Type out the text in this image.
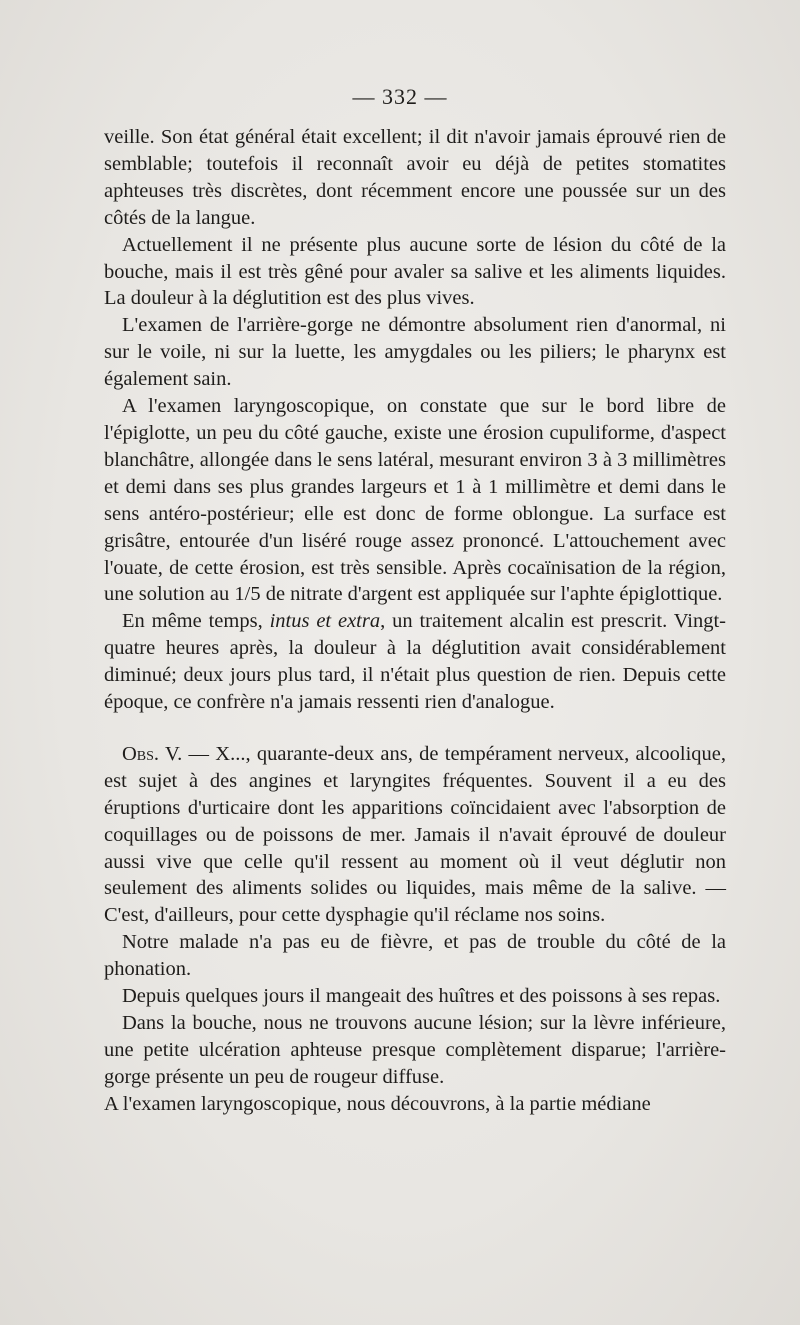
— 332 —

veille. Son état général était excellent; il dit n'avoir jamais éprouvé rien de semblable; toutefois il reconnaît avoir eu déjà de petites stomatites aphteuses très discrètes, dont récemment encore une poussée sur un des côtés de la langue.

Actuellement il ne présente plus aucune sorte de lésion du côté de la bouche, mais il est très gêné pour avaler sa salive et les aliments liquides. La douleur à la déglutition est des plus vives.

L'examen de l'arrière-gorge ne démontre absolument rien d'anormal, ni sur le voile, ni sur la luette, les amygdales ou les piliers; le pharynx est également sain.

A l'examen laryngoscopique, on constate que sur le bord libre de l'épiglotte, un peu du côté gauche, existe une érosion cupuliforme, d'aspect blanchâtre, allongée dans le sens latéral, mesurant environ 3 à 3 millimètres et demi dans ses plus grandes largeurs et 1 à 1 millimètre et demi dans le sens antéro-postérieur; elle est donc de forme oblongue. La surface est grisâtre, entourée d'un liséré rouge assez prononcé. L'attouchement avec l'ouate, de cette érosion, est très sensible. Après cocaïnisation de la région, une solution au 1/5 de nitrate d'argent est appliquée sur l'aphte épiglottique.

En même temps, intus et extra, un traitement alcalin est prescrit. Vingt-quatre heures après, la douleur à la déglutition avait considérablement diminué; deux jours plus tard, il n'était plus question de rien. Depuis cette époque, ce confrère n'a jamais ressenti rien d'analogue.

Obs. V. — X..., quarante-deux ans, de tempérament nerveux, alcoolique, est sujet à des angines et laryngites fréquentes. Souvent il a eu des éruptions d'urticaire dont les apparitions coïncidaient avec l'absorption de coquillages ou de poissons de mer. Jamais il n'avait éprouvé de douleur aussi vive que celle qu'il ressent au moment où il veut déglutir non seulement des aliments solides ou liquides, mais même de la salive. — C'est, d'ailleurs, pour cette dysphagie qu'il réclame nos soins.

Notre malade n'a pas eu de fièvre, et pas de trouble du côté de la phonation.

Depuis quelques jours il mangeait des huîtres et des poissons à ses repas.

Dans la bouche, nous ne trouvons aucune lésion; sur la lèvre inférieure, une petite ulcération aphteuse presque complètement disparue; l'arrière-gorge présente un peu de rougeur diffuse.

A l'examen laryngoscopique, nous découvrons, à la partie médiane
